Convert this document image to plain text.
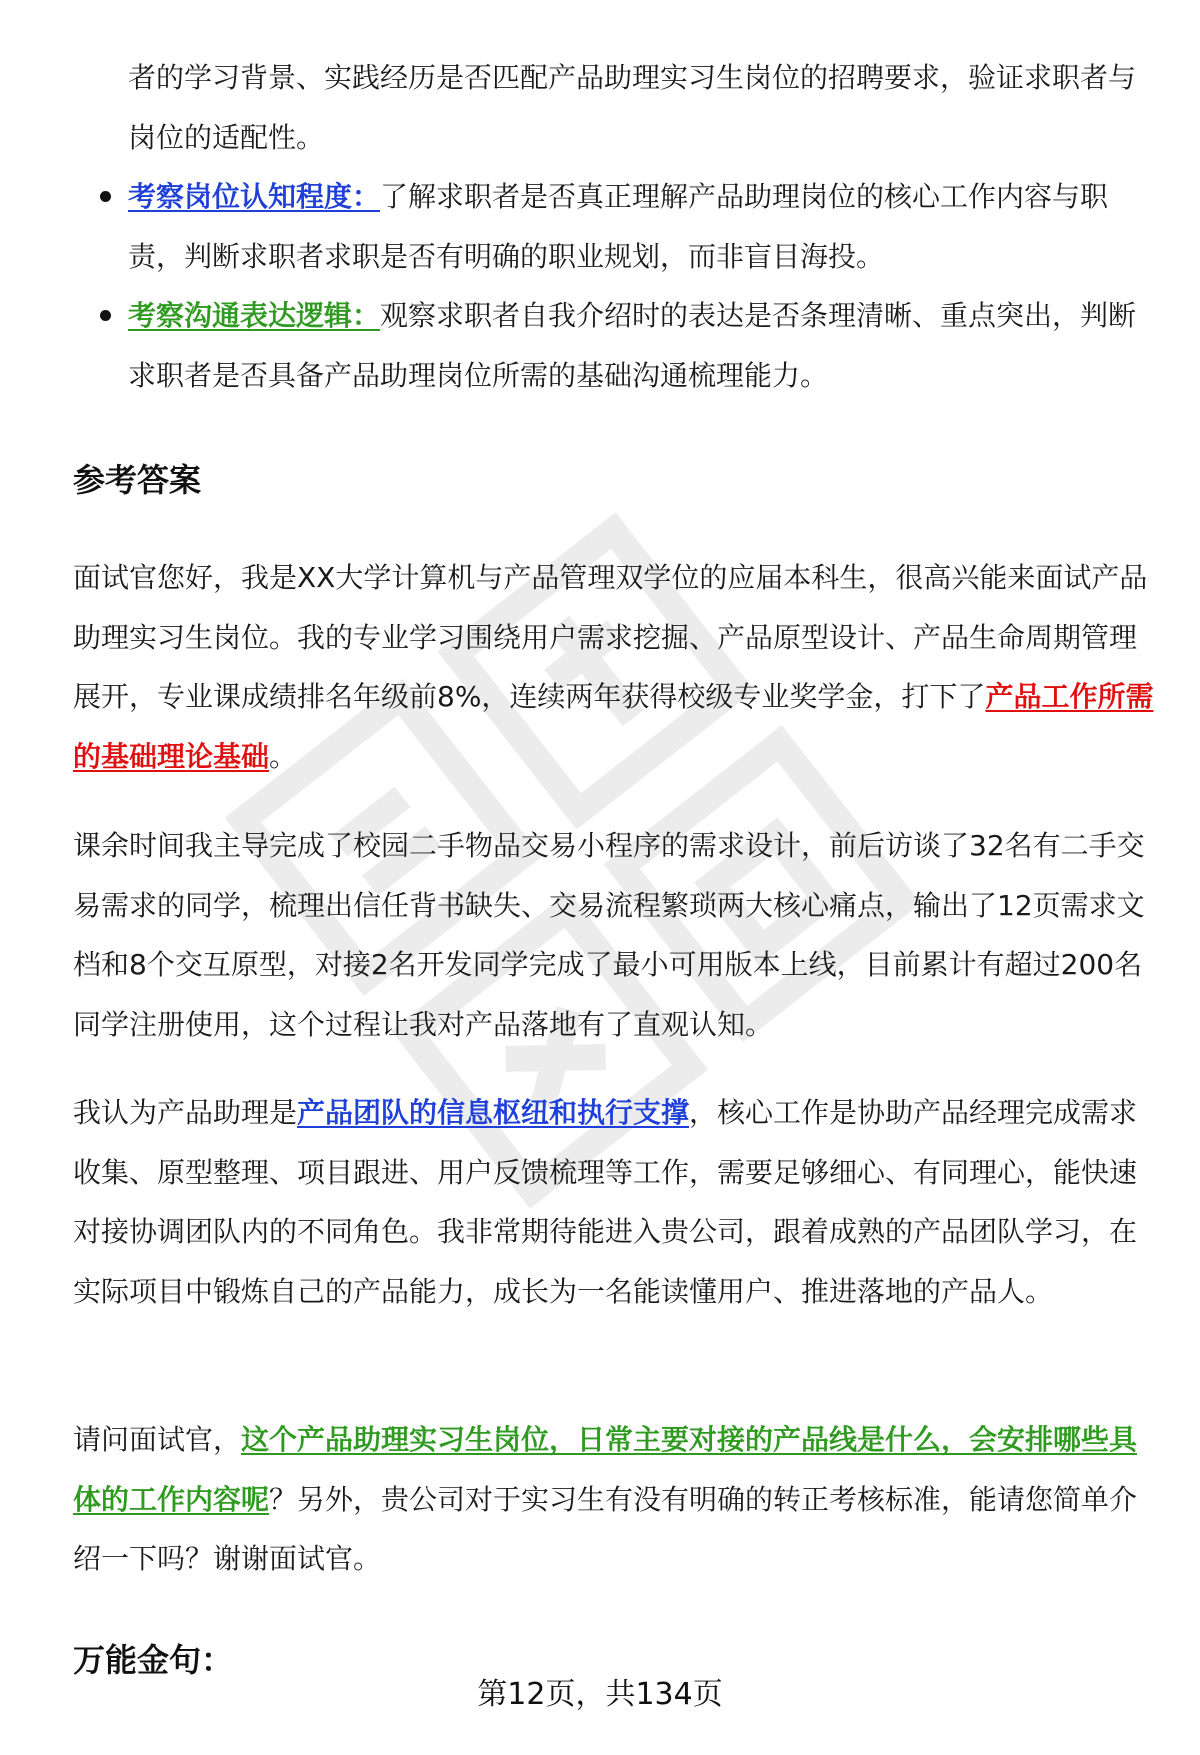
者的学习背景、实践经历是否匹配产品助理实习生岗位的招聘要求，验证求职者与岗位的适配性。
考察岗位认知程度：了解求职者是否真正理解产品助理岗位的核心工作内容与职责，判断求职者求职是否有明确的职业规划，而非盲目海投。
考察沟通表达逻辑：观察求职者自我介绍时的表达是否条理清晰、重点突出，判断求职者是否具备产品助理岗位所需的基础沟通梳理能力。
参考答案
面试官您好，我是XX大学计算机与产品管理双学位的应届本科生，很高兴能来面试产品助理实习生岗位。我的专业学习围绕用户需求挖掘、产品原型设计、产品生命周期管理展开，专业课成绩排名年级前8%，连续两年获得校级专业奖学金，打下了产品工作所需的基础理论基础。
课余时间我主导完成了校园二手物品交易小程序的需求设计，前后访谈了32名有二手交易需求的同学，梳理出信任背书缺失、交易流程繁琐两大核心痛点，输出了12页需求文档和8个交互原型，对接2名开发同学完成了最小可用版本上线，目前累计有超过200名同学注册使用，这个过程让我对产品落地有了直观认知。
我认为产品助理是产品团队的信息枢纽和执行支撑，核心工作是协助产品经理完成需求收集、原型整理、项目跟进、用户反馈梳理等工作，需要足够细心、有同理心，能快速对接协调团队内的不同角色。我非常期待能进入贵公司，跟着成熟的产品团队学习，在实际项目中锻炼自己的产品能力，成长为一名能读懂用户、推进落地的产品人。
请问面试官，这个产品助理实习生岗位，日常主要对接的产品线是什么，会安排哪些具体的工作内容呢？另外，贵公司对于实习生有没有明确的转正考核标准，能请您简单介绍一下吗？谢谢面试官。
万能金句：
第12页，共134页
